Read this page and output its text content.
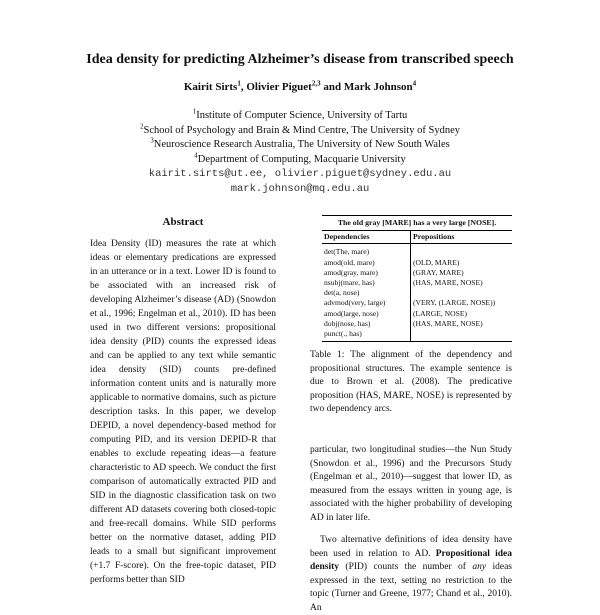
Idea density for predicting Alzheimer’s disease from transcribed speech
Kairit Sirts$^1$, Olivier Piguet$^{2,3}$ and Mark Johnson$^4$
$^1$Institute of Computer Science, University of Tartu
$^2$School of Psychology and Brain & Mind Centre, The University of Sydney
$^3$Neuroscience Research Australia, The University of New South Wales
$^4$Department of Computing, Macquarie University
kairit.sirts@ut.ee, olivier.piguet@sydney.edu.au
mark.johnson@mq.edu.au
Abstract
Idea Density (ID) measures the rate at which ideas or elementary predications are expressed in an utterance or in a text. Lower ID is found to be associated with an increased risk of developing Alzheimer’s disease (AD) (Snowdon et al., 1996; Engelman et al., 2010). ID has been used in two different versions: propositional idea density (PID) counts the expressed ideas and can be applied to any text while semantic idea density (SID) counts pre-defined information content units and is naturally more applicable to normative domains, such as picture description tasks. In this paper, we develop DEPID, a novel dependency-based method for computing PID, and its version DEPID-R that enables to exclude repeating ideas—a feature characteristic to AD speech. We conduct the first comparison of automatically extracted PID and SID in the diagnostic classification task on two different AD datasets covering both closed-topic and free-recall domains. While SID performs better on the normative dataset, adding PID leads to a small but significant improvement (+1.7 F-score). On the free-topic dataset, PID performs better than SID
The old gray [MARE] has a very large [NOSE].
Dependencies	Propositions
det(The, mare)	
amod(old, mare)	(OLD, MARE)
amod(gray, mare)	(GRAY, MARE)
nsubj(mare, has)	(HAS, MARE, NOSE)
det(a, nose)	
advmod(very, large)	(VERY, (LARGE, NOSE))
amod(large, nose)	(LARGE, NOSE)
dobj(nose, has)	(HAS, MARE, NOSE)
punct(., has)	
Table 1: The alignment of the dependency and propositional structures. The example sentence is due to Brown et al. (2008). The predicative proposition (HAS, MARE, NOSE) is represented by two dependency arcs.
particular, two longitudinal studies—the Nun Study (Snowdon et al., 1996) and the Precursors Study (Engelman et al., 2010)—suggest that lower ID, as measured from the essays written in young age, is associated with the higher probability of developing AD in later life.
Two alternative definitions of idea density have been used in relation to AD. Propositional idea density (PID) counts the number of any ideas expressed in the text, setting no restriction to the topic (Turner and Greene, 1977; Chand et al., 2010). An
